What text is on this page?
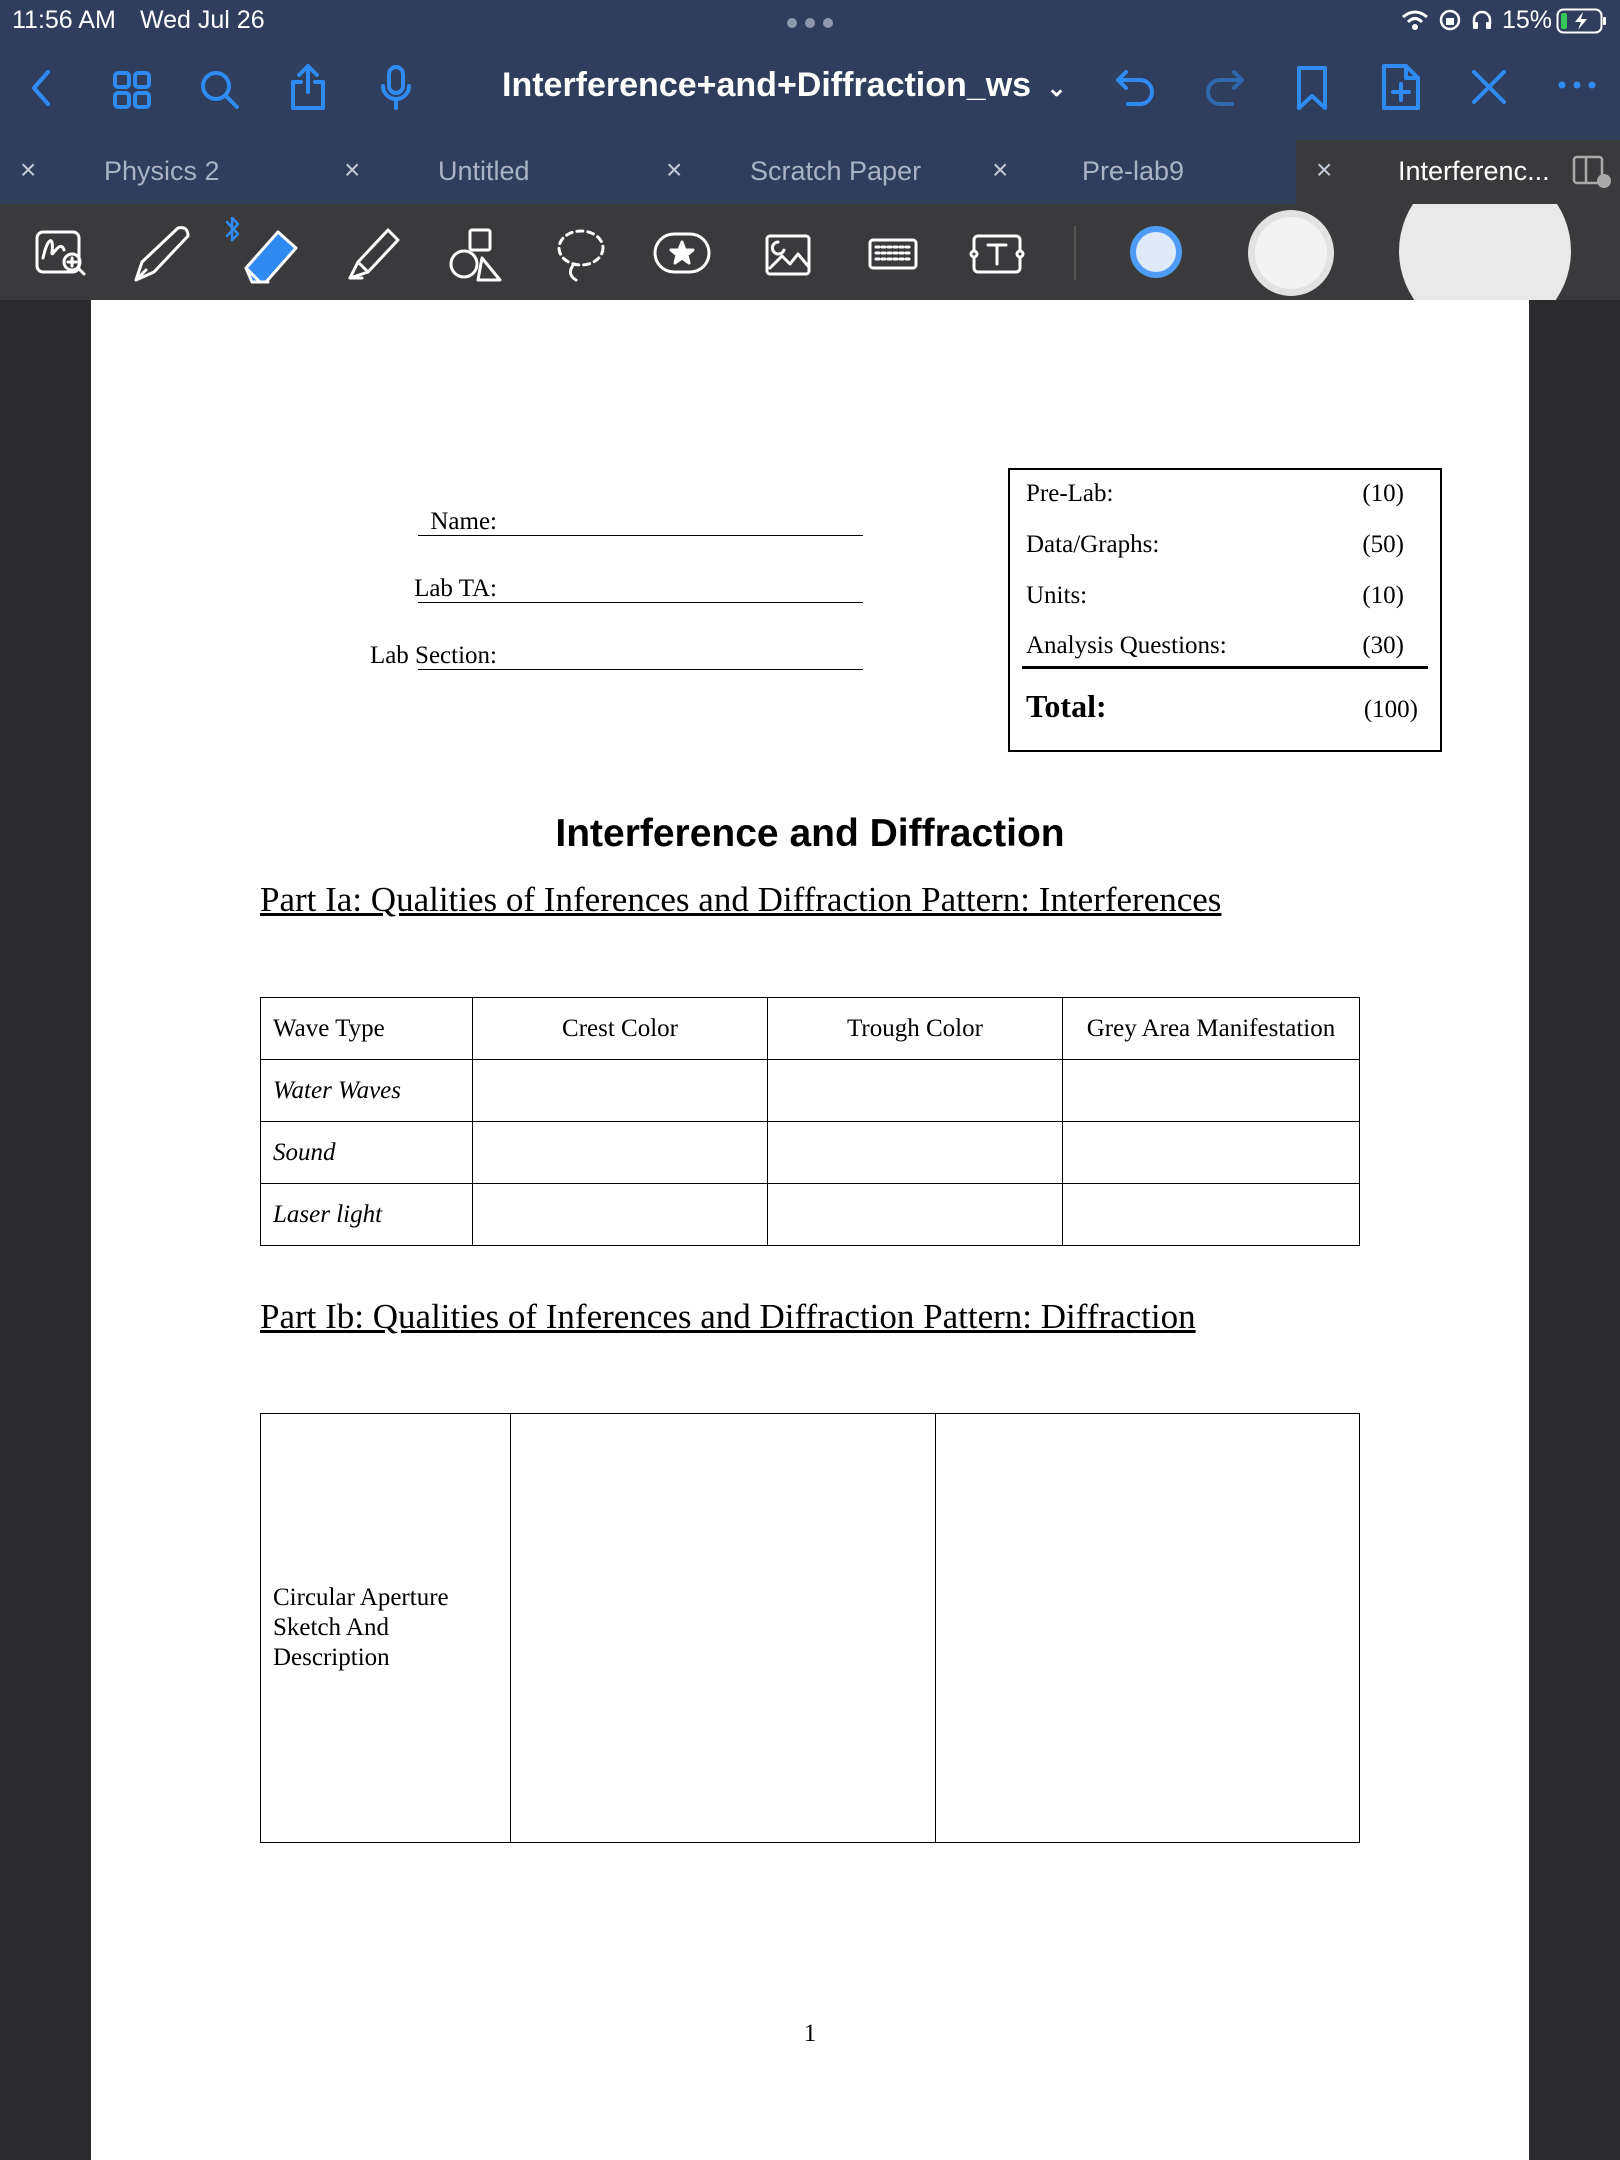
11:56 AM Wed Jul 26	15%
Interference+and+Diffraction_ws ⌄
×	Physics 2	×	Untitled	×	Scratch Paper	×	Pre-lab9	× Interferenc...
Name:
Lab TA:
Lab Section:
Pre-Lab:	(10)
Data/Graphs:	(50)
Units:	(10)
Analysis Questions:	(30)
Total:	(100)
Interference and Diffraction
Part Ia: Qualities of Inferences and Diffraction Pattern: Interferences
Wave Type	Crest Color	Trough Color	Grey Area Manifestation
Water Waves			
Sound			
Laser light			
Part Ib: Qualities of Inferences and Diffraction Pattern: Diffraction
Circular Aperture Sketch And Description		
1
